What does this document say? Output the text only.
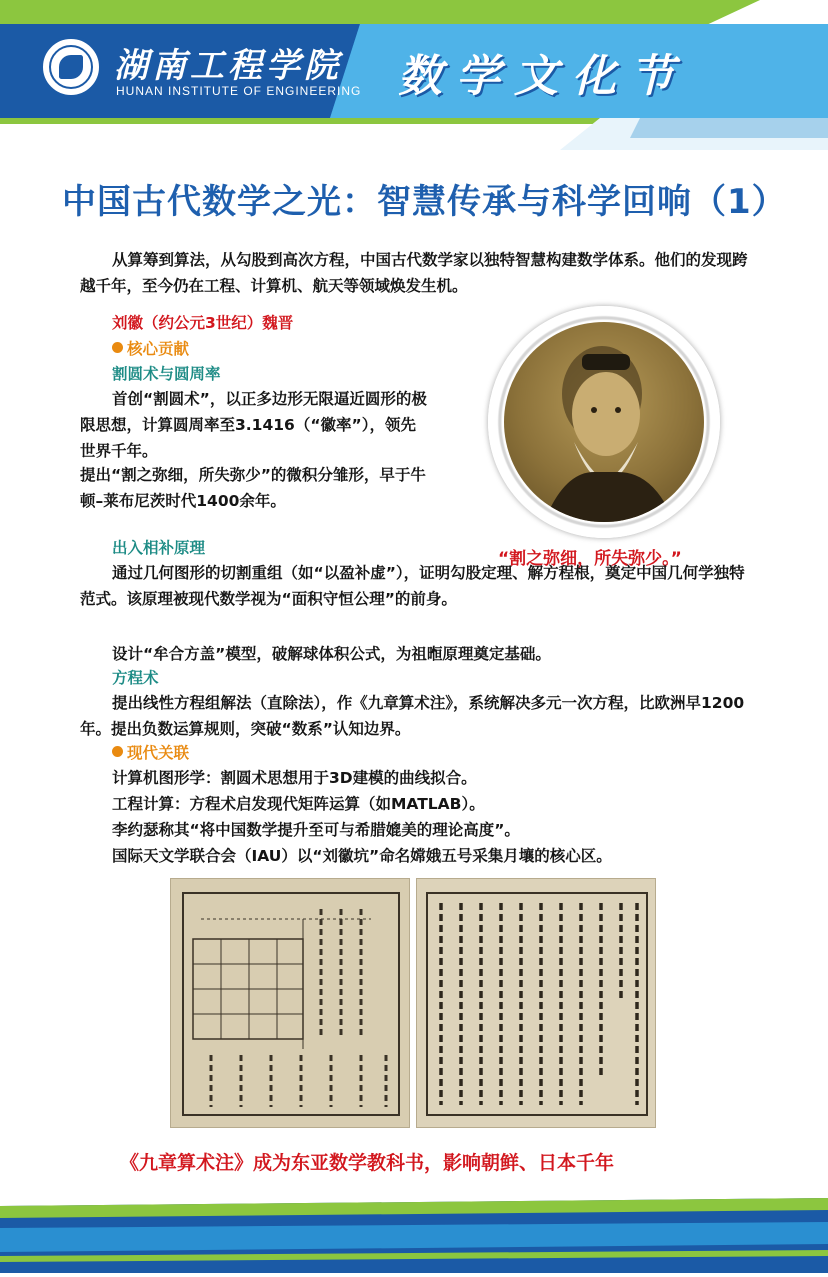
湖南工程学院
HUNAN INSTITUTE OF ENGINEERING 数学文化节
中国古代数学之光：智慧传承与科学回响（1）

从算筹到算法，从勾股到高次方程，中国古代数学家以独特智慧构建数学体系。他们的发现跨越千年，至今仍在工程、计算机、航天等领域焕发生机。

刘徽（约公元3世纪）魏晋

核心贡献

割圆术与圆周率

首创“割圆术”，以正多边形无限逼近圆形的极限思想，计算圆周率至3.1416（“徽率”），领先世界千年。

提出“割之弥细，所失弥少”的微积分雏形，早于牛顿–莱布尼茨时代1400余年。

出入相补原理

“割之弥细，所失弥少。”

通过几何图形的切割重组（如“以盈补虚”），证明勾股定理、解方程根，奠定中国几何学独特范式。该原理被现代数学视为“面积守恒公理”的前身。

设计“牟合方盖”模型，破解球体积公式，为祖暅原理奠定基础。

方程术

提出线性方程组解法（直除法），作《九章算术注》，系统解决多元一次方程，比欧洲早1200年。提出负数运算规则，突破“数系”认知边界。

现代关联

计算机图形学：割圆术思想用于3D建模的曲线拟合。

工程计算：方程术启发现代矩阵运算（如MATLAB）。

李约瑟称其“将中国数学提升至可与希腊媲美的理论高度”。

国际天文学联合会（IAU）以“刘徽坑”命名嫦娥五号采集月壤的核心区。

《九章算术注》成为东亚数学教科书，影响朝鲜、日本千年
